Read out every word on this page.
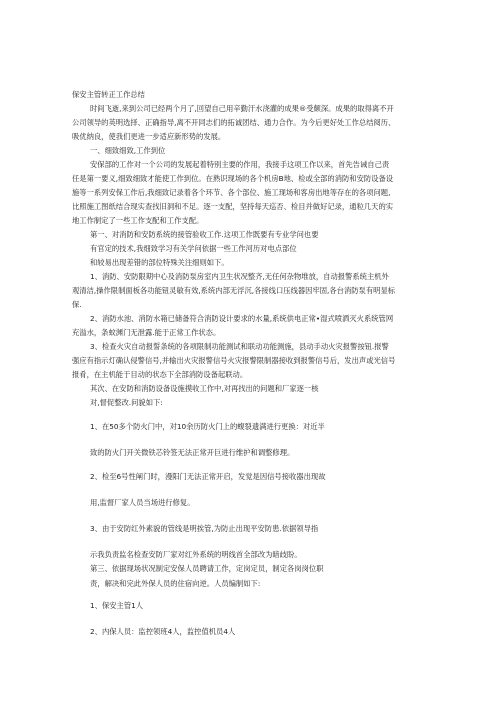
保安主管转正工作总结
时间飞逝,来到公司已经两个月了,回望自己用辛勤汗水浇灌的成果®受颇深。成果的取得离不开
公司领导的英明选择、正确指导,离不开同志们的拓诚团结、通力合作。为今后更好处工作总结阅历、
吸优纳良，使我们更进一步适应新形势的发展。
一、细致细致,工作到位
安保部的工作对一个公司的发展起着特别主要的作用，我接手这项工作以来，首先告诫自己责
任是第一要义,细致细致才能使工作到位。在熟识现场的各个机房B地、检或全部的消防和安防设备设
施等一系列安保工作后,我细致记录着各个环节、各个部位、施工现场和客房出地等存在的各项问题,
比照施工图纸结合现实查找旧洞和不足。逐一支配，坚持每天巡否、检目并做好记录，通粒几天的实
地工作制定了一些工作支配和工作支配。
第一、对消防和安防系统的接管验收工作.这项工作既要有专业学问也要
有官定的技术,我细致学习有关学问依据一些工作河历对电点部位
和较易出现差错的部位特殊关注细则如下。
1、消防、安防限期中心及消防泵房室内卫生状况整齐,无任何杂物堆放，自动报警系统主机外
观清洁,操作限制面板各功能钮灵敏有效,系统内部无浮沉,各接线口压线器因牢固,各台消防泵有明显标
保.
2、消防水池、消防水箱已储备符合消防设计要求的水量,系统供电正常•湿式喷洒灭火系统管网
充溢水，条蚊渊门无泄露.能于正常工作状态。
3、检查火灾自动报誓条统的各项限制功能测试和联动功能测施，县动手动火灾报警按钮.报警
强应有指示灯确认侵警信号,并输出火灾报警信号火灾报警限制器接收到报警信号后，发出声或光信号
报肴，在主机能于目动的状态下全部消防设备起联动。
其次、在安防和消防设备设施摸收工作中,对再找出的问题和厂家逐一核
对,督促整改.问貌如下:
1、在50多个防火门中，对10余历防火门上的蝮裂遗满进行更换：对近半
致的防火门开关微铁芯铃签无法正常开巨进行维护和调整修理。
2、检至6号性阐门时，漫阳门无法正常开启，发觉是因信号接收器出现故
用,监督厂家人员当场进行修复。
3、由于安防红外素貌的管线是明挨管,为防止出现平安防患.依据领导指
示我负责监名检查安防厂家对红外系统的明线首全部改为暗歧盼。
第三、依据现场状况制定安保人员聘请工作，定岗定员，制定各岗岗位职
责，解决和完此外保人员的住宿向逆。人员编制如下:
1、保安主管1人
2、内保人员：监控领班4人，监控值机员4人
